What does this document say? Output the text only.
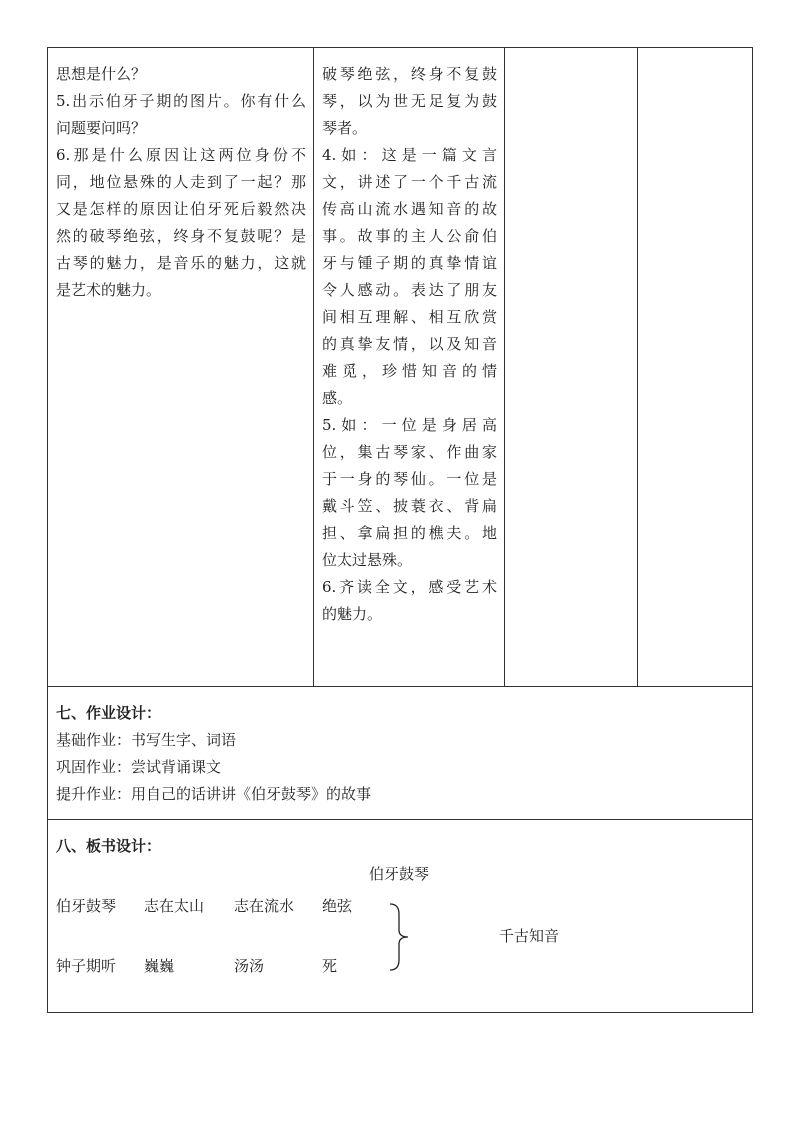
思想是什么？
5.出示伯牙子期的图片。你有什么
问题要问吗？
6.那是什么原因让这两位身份不
同，地位悬殊的人走到了一起？那
又是怎样的原因让伯牙死后毅然决
然的破琴绝弦，终身不复鼓呢？是
古琴的魅力，是音乐的魅力，这就
是艺术的魅力。
破琴绝弦，终身不复鼓
琴，以为世无足复为鼓
琴者。
4.如：这是一篇文言
文，讲述了一个千古流
传高山流水遇知音的故
事。故事的主人公俞伯
牙与锺子期的真挚情谊
令人感动。表达了朋友
间相互理解、相互欣赏
的真挚友情，以及知音
难觅，珍惜知音的情
感。
5.如：一位是身居高
位，集古琴家、作曲家
于一身的琴仙。一位是
戴斗笠、披蓑衣、背扁
担、拿扁担的樵夫。地
位太过悬殊。
6.齐读全文，感受艺术
的魅力。
七、作业设计：
基础作业：书写生字、词语
巩固作业：尝试背诵课文
提升作业：用自己的话讲讲《伯牙鼓琴》的故事
八、板书设计：
伯牙鼓琴
伯牙鼓琴 志在太山 志在流水 绝弦
钟子期听 巍巍	汤汤	死
千古知音
